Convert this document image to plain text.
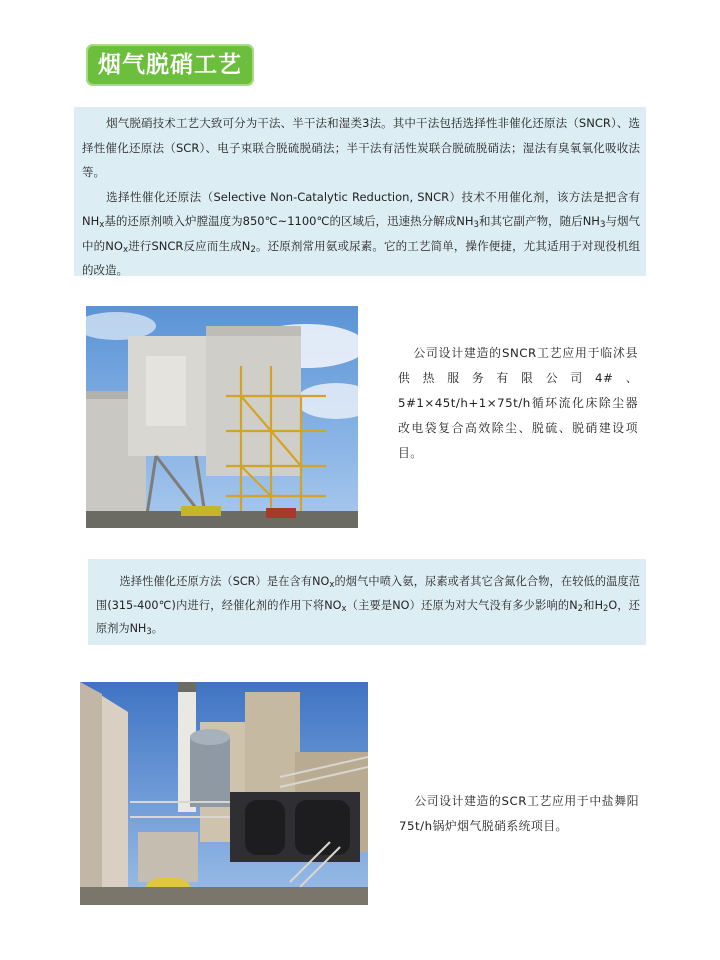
烟气脱硝工艺

烟气脱硝技术工艺大致可分为干法、半干法和湿类3法。其中干法包括选择性非催化还原法（SNCR）、选择性催化还原法（SCR）、电子束联合脱硫脱硝法；半干法有活性炭联合脱硫脱硝法；湿法有臭氧氧化吸收法等。

选择性催化还原法（Selective Non-Catalytic Reduction, SNCR）技术不用催化剂，该方法是把含有$NH_x$基的还原剂喷入炉膛温度为850℃~1100℃的区域后，迅速热分解成$NH_3$和其它副产物，随后$NH_3$与烟气中的$NO_x$进行SNCR反应而生成$N_2$。还原剂常用氨或尿素。它的工艺简单，操作便捷，尤其适用于对现役机组的改造。

公司设计建造的SNCR工艺应用于临沭县供热服务有限公司4#、5#1×45t/h+1×75t/h循环流化床除尘器改电袋复合高效除尘、脱硫、脱硝建设项目。

选择性催化还原方法（SCR）是在含有$NO_x$的烟气中喷入氨，尿素或者其它含氮化合物，在较低的温度范围(315-400℃)内进行，经催化剂的作用下将$NO_x$（主要是NO）还原为对大气没有多少影响的$N_2$和$H_2O$，还原剂为$NH_3$。

公司设计建造的SCR工艺应用于中盐舞阳75t/h锅炉烟气脱硝系统项目。
